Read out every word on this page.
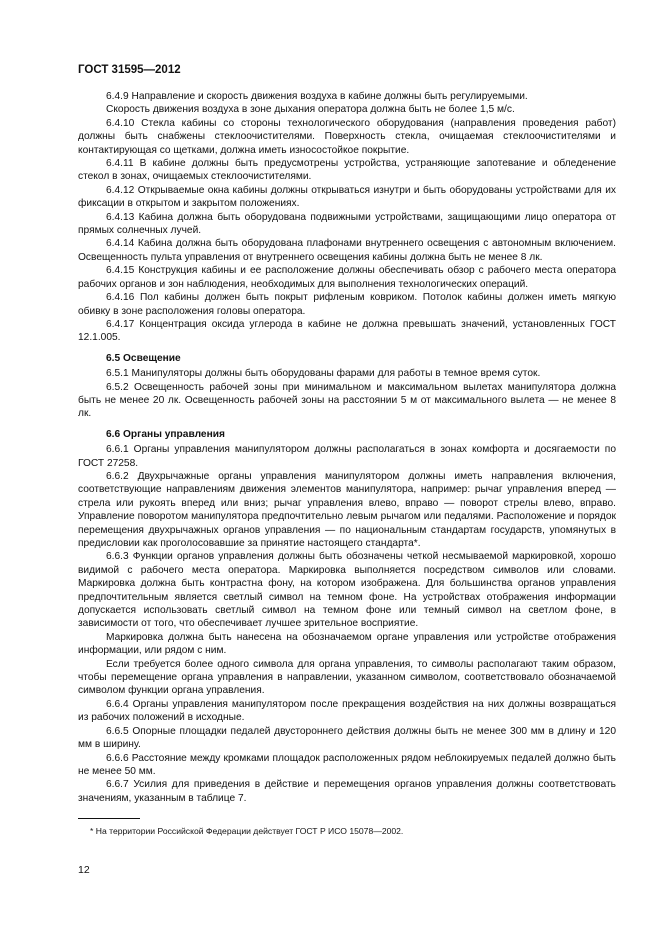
ГОСТ 31595—2012

6.4.9 Направление и скорость движения воздуха в кабине должны быть регулируемыми.

Скорость движения воздуха в зоне дыхания оператора должна быть не более 1,5 м/с.

6.4.10 Стекла кабины со стороны технологического оборудования (направления проведения работ) должны быть снабжены стеклоочистителями. Поверхность стекла, очищаемая стеклоочистителями и контактирующая со щетками, должна иметь износостойкое покрытие.

6.4.11 В кабине должны быть предусмотрены устройства, устраняющие запотевание и обледенение стекол в зонах, очищаемых стеклоочистителями.

6.4.12 Открываемые окна кабины должны открываться изнутри и быть оборудованы устройствами для их фиксации в открытом и закрытом положениях.

6.4.13 Кабина должна быть оборудована подвижными устройствами, защищающими лицо оператора от прямых солнечных лучей.

6.4.14 Кабина должна быть оборудована плафонами внутреннего освещения с автономным включением. Освещенность пульта управления от внутреннего освещения кабины должна быть не менее 8 лк.

6.4.15 Конструкция кабины и ее расположение должны обеспечивать обзор с рабочего места оператора рабочих органов и зон наблюдения, необходимых для выполнения технологических операций.

6.4.16 Пол кабины должен быть покрыт рифленым ковриком. Потолок кабины должен иметь мягкую обивку в зоне расположения головы оператора.

6.4.17 Концентрация оксида углерода в кабине не должна превышать значений, установленных ГОСТ 12.1.005.

6.5 Освещение

6.5.1 Манипуляторы должны быть оборудованы фарами для работы в темное время суток.

6.5.2 Освещенность рабочей зоны при минимальном и максимальном вылетах манипулятора должна быть не менее 20 лк. Освещенность рабочей зоны на расстоянии 5 м от максимального вылета — не менее 8 лк.

6.6 Органы управления

6.6.1 Органы управления манипулятором должны располагаться в зонах комфорта и досягаемости по ГОСТ 27258.

6.6.2 Двухрычажные органы управления манипулятором должны иметь направления включения, соответствующие направлениям движения элементов манипулятора, например: рычаг управления вперед — стрела или рукоять вперед или вниз; рычаг управления влево, вправо — поворот стрелы влево, вправо. Управление поворотом манипулятора предпочтительно левым рычагом или педалями. Расположение и порядок перемещения двухрычажных органов управления — по национальным стандартам государств, упомянутых в предисловии как проголосовавшие за принятие настоящего стандарта*.

6.6.3 Функции органов управления должны быть обозначены четкой несмываемой маркировкой, хорошо видимой с рабочего места оператора. Маркировка выполняется посредством символов или словами. Маркировка должна быть контрастна фону, на котором изображена. Для большинства органов управления предпочтительным является светлый символ на темном фоне. На устройствах отображения информации допускается использовать светлый символ на темном фоне или темный символ на светлом фоне, в зависимости от того, что обеспечивает лучшее зрительное восприятие.

Маркировка должна быть нанесена на обозначаемом органе управления или устройстве отображения информации, или рядом с ним.

Если требуется более одного символа для органа управления, то символы располагают таким образом, чтобы перемещение органа управления в направлении, указанном символом, соответствовало обозначаемой символом функции органа управления.

6.6.4 Органы управления манипулятором после прекращения воздействия на них должны возвращаться из рабочих положений в исходные.

6.6.5 Опорные площадки педалей двустороннего действия должны быть не менее 300 мм в длину и 120 мм в ширину.

6.6.6 Расстояние между кромками площадок расположенных рядом неблокируемых педалей должно быть не менее 50 мм.

6.6.7 Усилия для приведения в действие и перемещения органов управления должны соответствовать значениям, указанным в таблице 7.

* На территории Российской Федерации действует ГОСТ Р ИСО 15078—2002.
12
